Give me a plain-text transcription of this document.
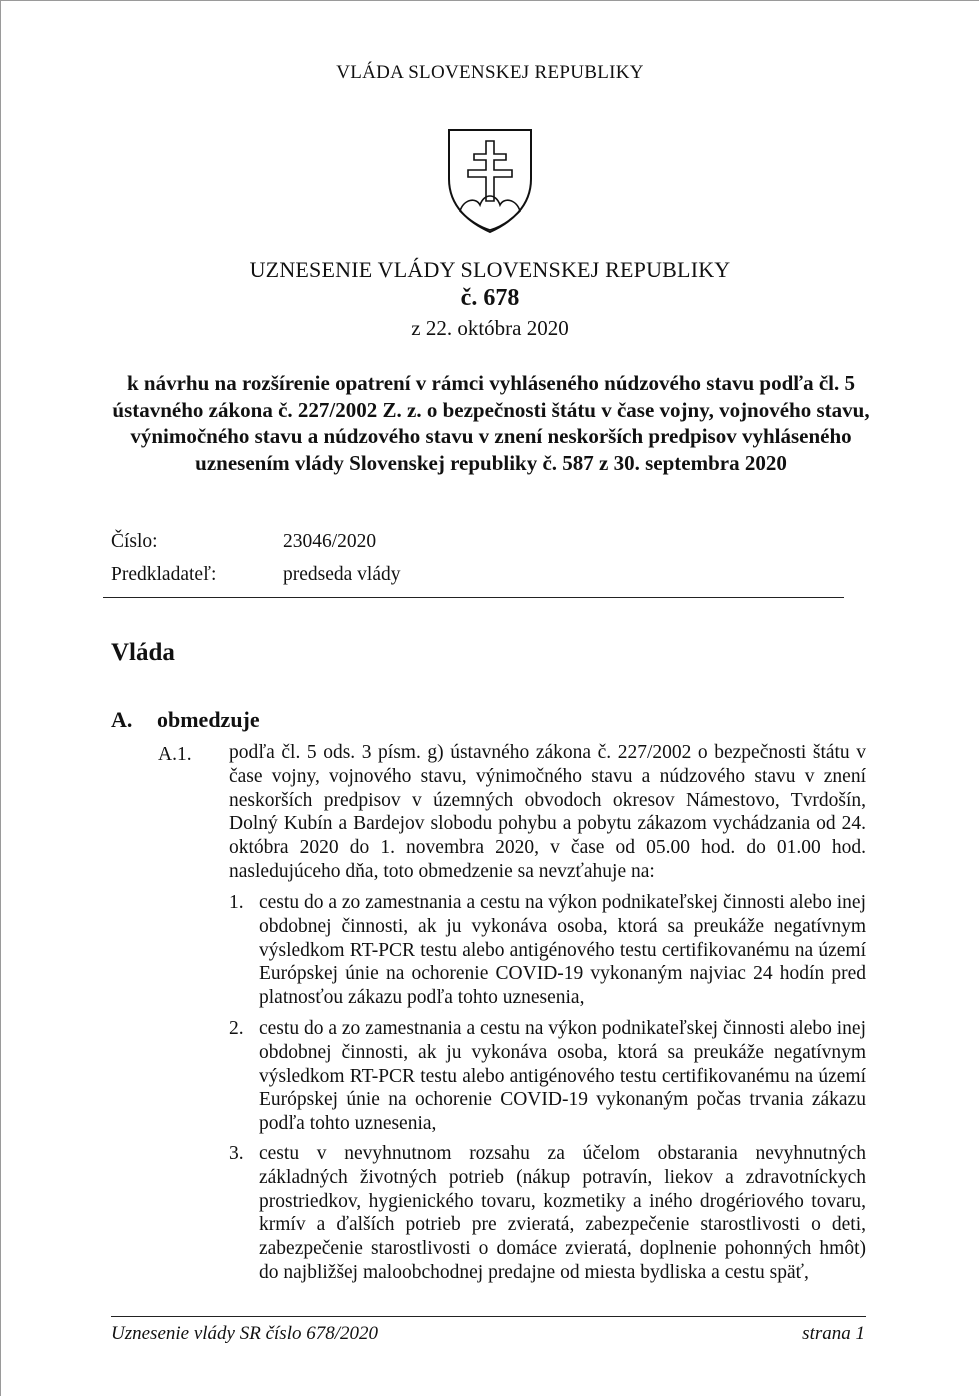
VLÁDA SLOVENSKEJ REPUBLIKY
UZNESENIE VLÁDY SLOVENSKEJ REPUBLIKY
č. 678
z 22. októbra 2020
k návrhu na rozšírenie opatrení v rámci vyhláseného núdzového stavu podľa čl. 5 ústavného zákona č. 227/2002 Z. z. o bezpečnosti štátu v čase vojny, vojnového stavu, výnimočného stavu a núdzového stavu v znení neskorších predpisov vyhláseného uznesením vlády Slovenskej republiky č. 587 z 30. septembra 2020
Číslo:	23046/2020
Predkladateľ:	predseda vlády
Vláda
A. obmedzuje
A.1. podľa čl. 5 ods. 3 písm. g) ústavného zákona č. 227/2002 o bezpečnosti štátu v čase vojny, vojnového stavu, výnimočného stavu a núdzového stavu v znení neskorších predpisov v územných obvodoch okresov Námestovo, Tvrdošín, Dolný Kubín a Bardejov slobodu pohybu a pobytu zákazom vychádzania od 24. októbra 2020 do 1. novembra 2020, v čase od 05.00 hod. do 01.00 hod. nasledujúceho dňa, toto obmedzenie sa nevzťahuje na:
1. cestu do a zo zamestnania a cestu na výkon podnikateľskej činnosti alebo inej obdobnej činnosti, ak ju vykonáva osoba, ktorá sa preukáže negatívnym výsledkom RT-PCR testu alebo antigénového testu certifikovanému na území Európskej únie na ochorenie COVID-19 vykonaným najviac 24 hodín pred platnosťou zákazu podľa tohto uznesenia,
2. cestu do a zo zamestnania a cestu na výkon podnikateľskej činnosti alebo inej obdobnej činnosti, ak ju vykonáva osoba, ktorá sa preukáže negatívnym výsledkom RT-PCR testu alebo antigénového testu certifikovanému na území Európskej únie na ochorenie COVID-19 vykonaným počas trvania zákazu podľa tohto uznesenia,
3. cestu v nevyhnutnom rozsahu za účelom obstarania nevyhnutných základných životných potrieb (nákup potravín, liekov a zdravotníckych prostriedkov, hygienického tovaru, kozmetiky a iného drogériového tovaru, krmív a ďalších potrieb pre zvieratá, zabezpečenie starostlivosti o deti, zabezpečenie starostlivosti o domáce zvieratá, doplnenie pohonných hmôt) do najbližšej maloobchodnej predajne od miesta bydliska a cestu späť,
Uznesenie vlády SR číslo 678/2020	strana 1
